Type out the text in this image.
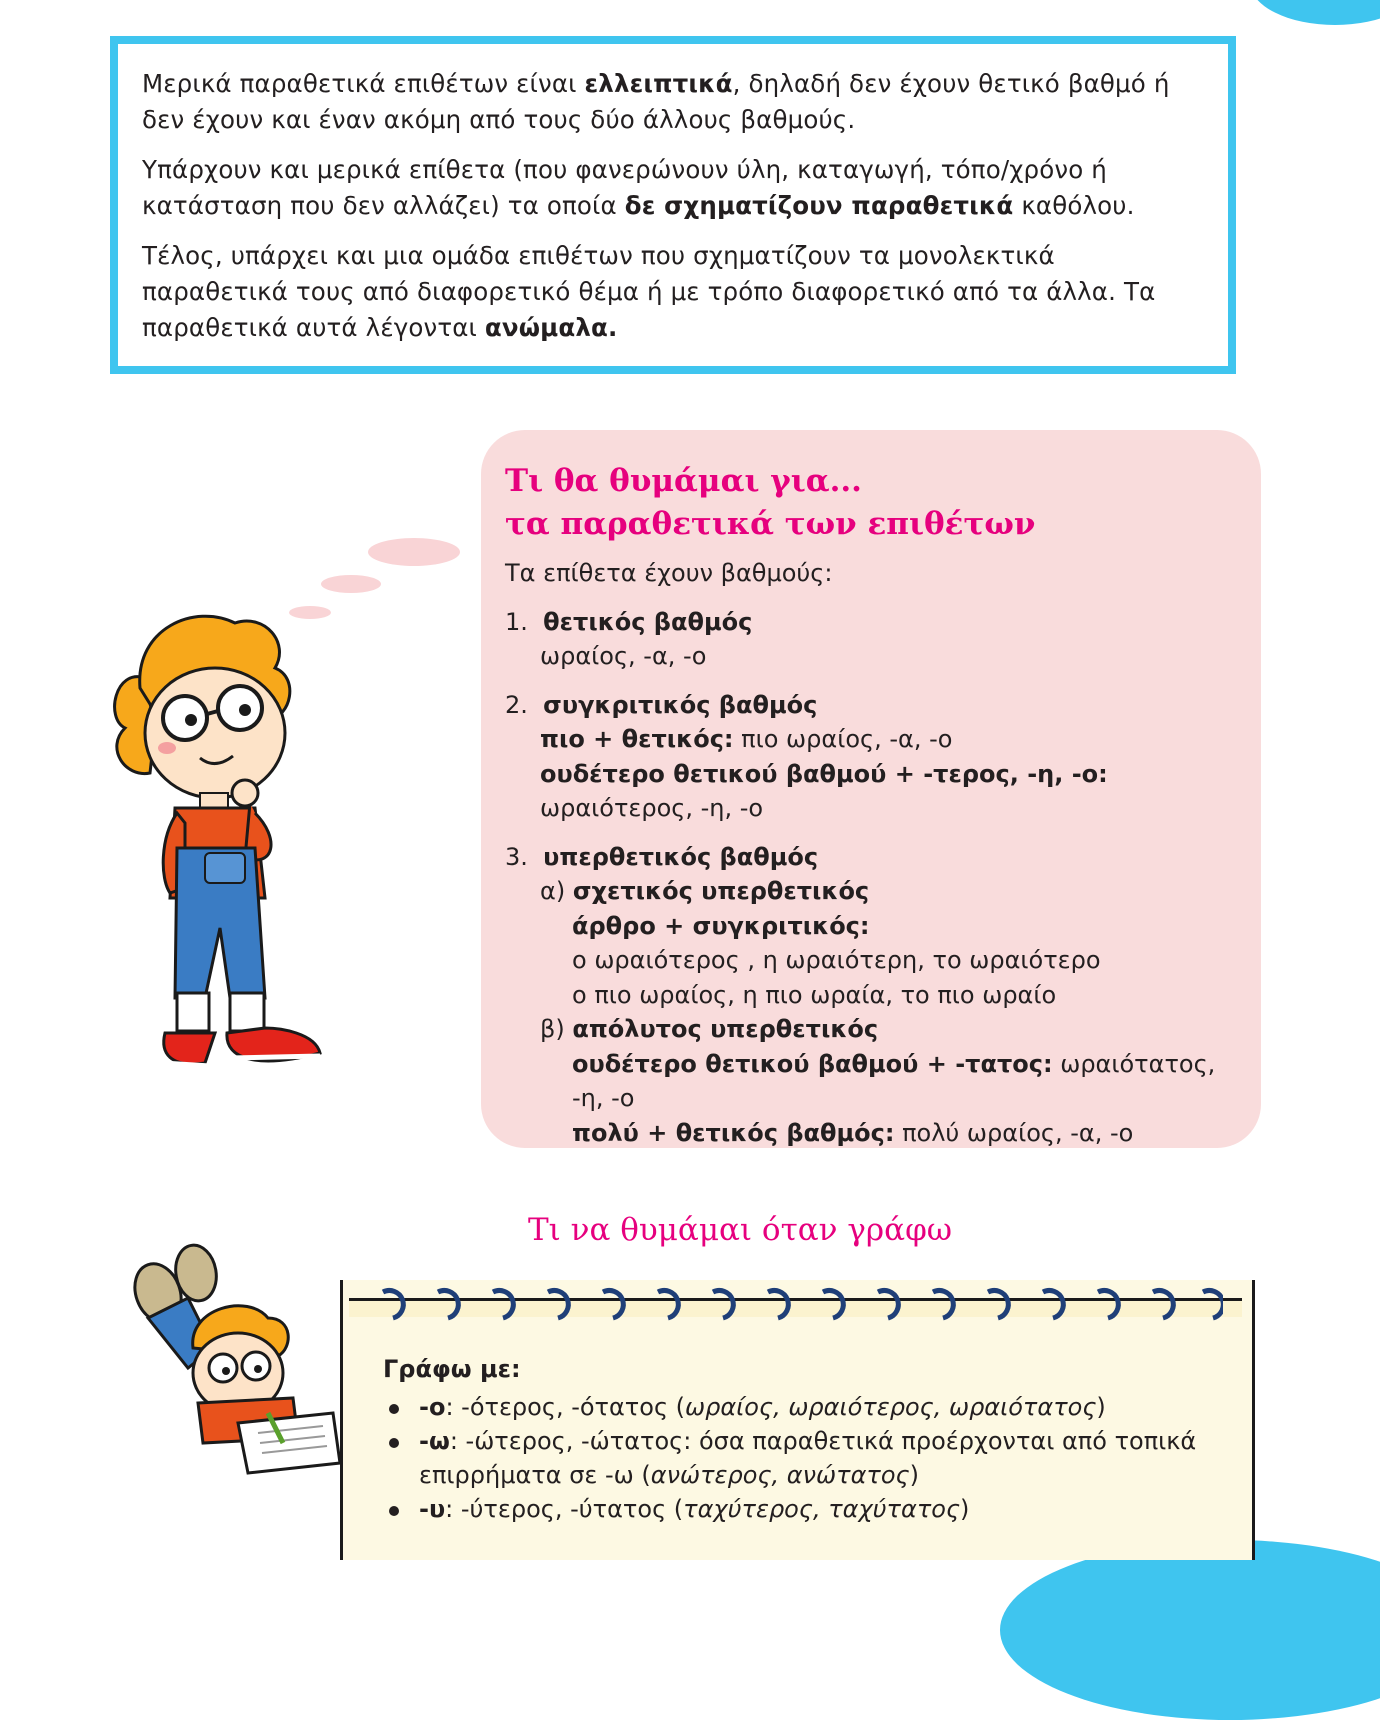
Μερικά παραθετικά επιθέτων είναι ελλειπτικά, δηλαδή δεν έχουν θετικό βαθμό ή δεν έχουν και έναν ακόμη από τους δύο άλλους βαθμούς.

Υπάρχουν και μερικά επίθετα (που φανερώνουν ύλη, καταγωγή, τόπο/χρόνο ή κατάσταση που δεν αλλάζει) τα οποία δε σχηματίζουν παραθετικά καθόλου.

Τέλος, υπάρχει και μια ομάδα επιθέτων που σχηματίζουν τα μονολεκτικά παραθετικά τους από διαφορετικό θέμα ή με τρόπο διαφορετικό από τα άλλα. Τα παραθετικά αυτά λέγονται ανώμαλα.

Τι θα θυμάμαι για...
τα παραθετικά των επιθέτων
Τα επίθετα έχουν βαθμούς:
1. θετικός βαθμός
ωραίος, -α, -ο
2. συγκριτικός βαθμός
πιο + θετικός: πιο ωραίος, -α, -ο
ουδέτερο θετικού βαθμού + -τερος, -η, -ο:
ωραιότερος, -η, -ο
3. υπερθετικός βαθμός
α) σχετικός υπερθετικός
άρθρο + συγκριτικός:
ο ωραιότερος , η ωραιότερη, το ωραιότερο
ο πιο ωραίος, η πιο ωραία, το πιο ωραίο
β) απόλυτος υπερθετικός
ουδέτερο θετικού βαθμού + -τατος: ωραιότατος, -η, -ο
πολύ + θετικός βαθμός: πολύ ωραίος, -α, -ο
Τι να θυμάμαι όταν γράφω
Γράφω με:
-ο: -ότερος, -ότατος (ωραίος, ωραιότερος, ωραιότατος)
-ω: -ώτερος, -ώτατος: όσα παραθετικά προέρχονται από τοπικά επιρρήματα σε -ω (ανώτερος, ανώτατος)
-υ: -ύτερος, -ύτατος (ταχύτερος, ταχύτατος)
